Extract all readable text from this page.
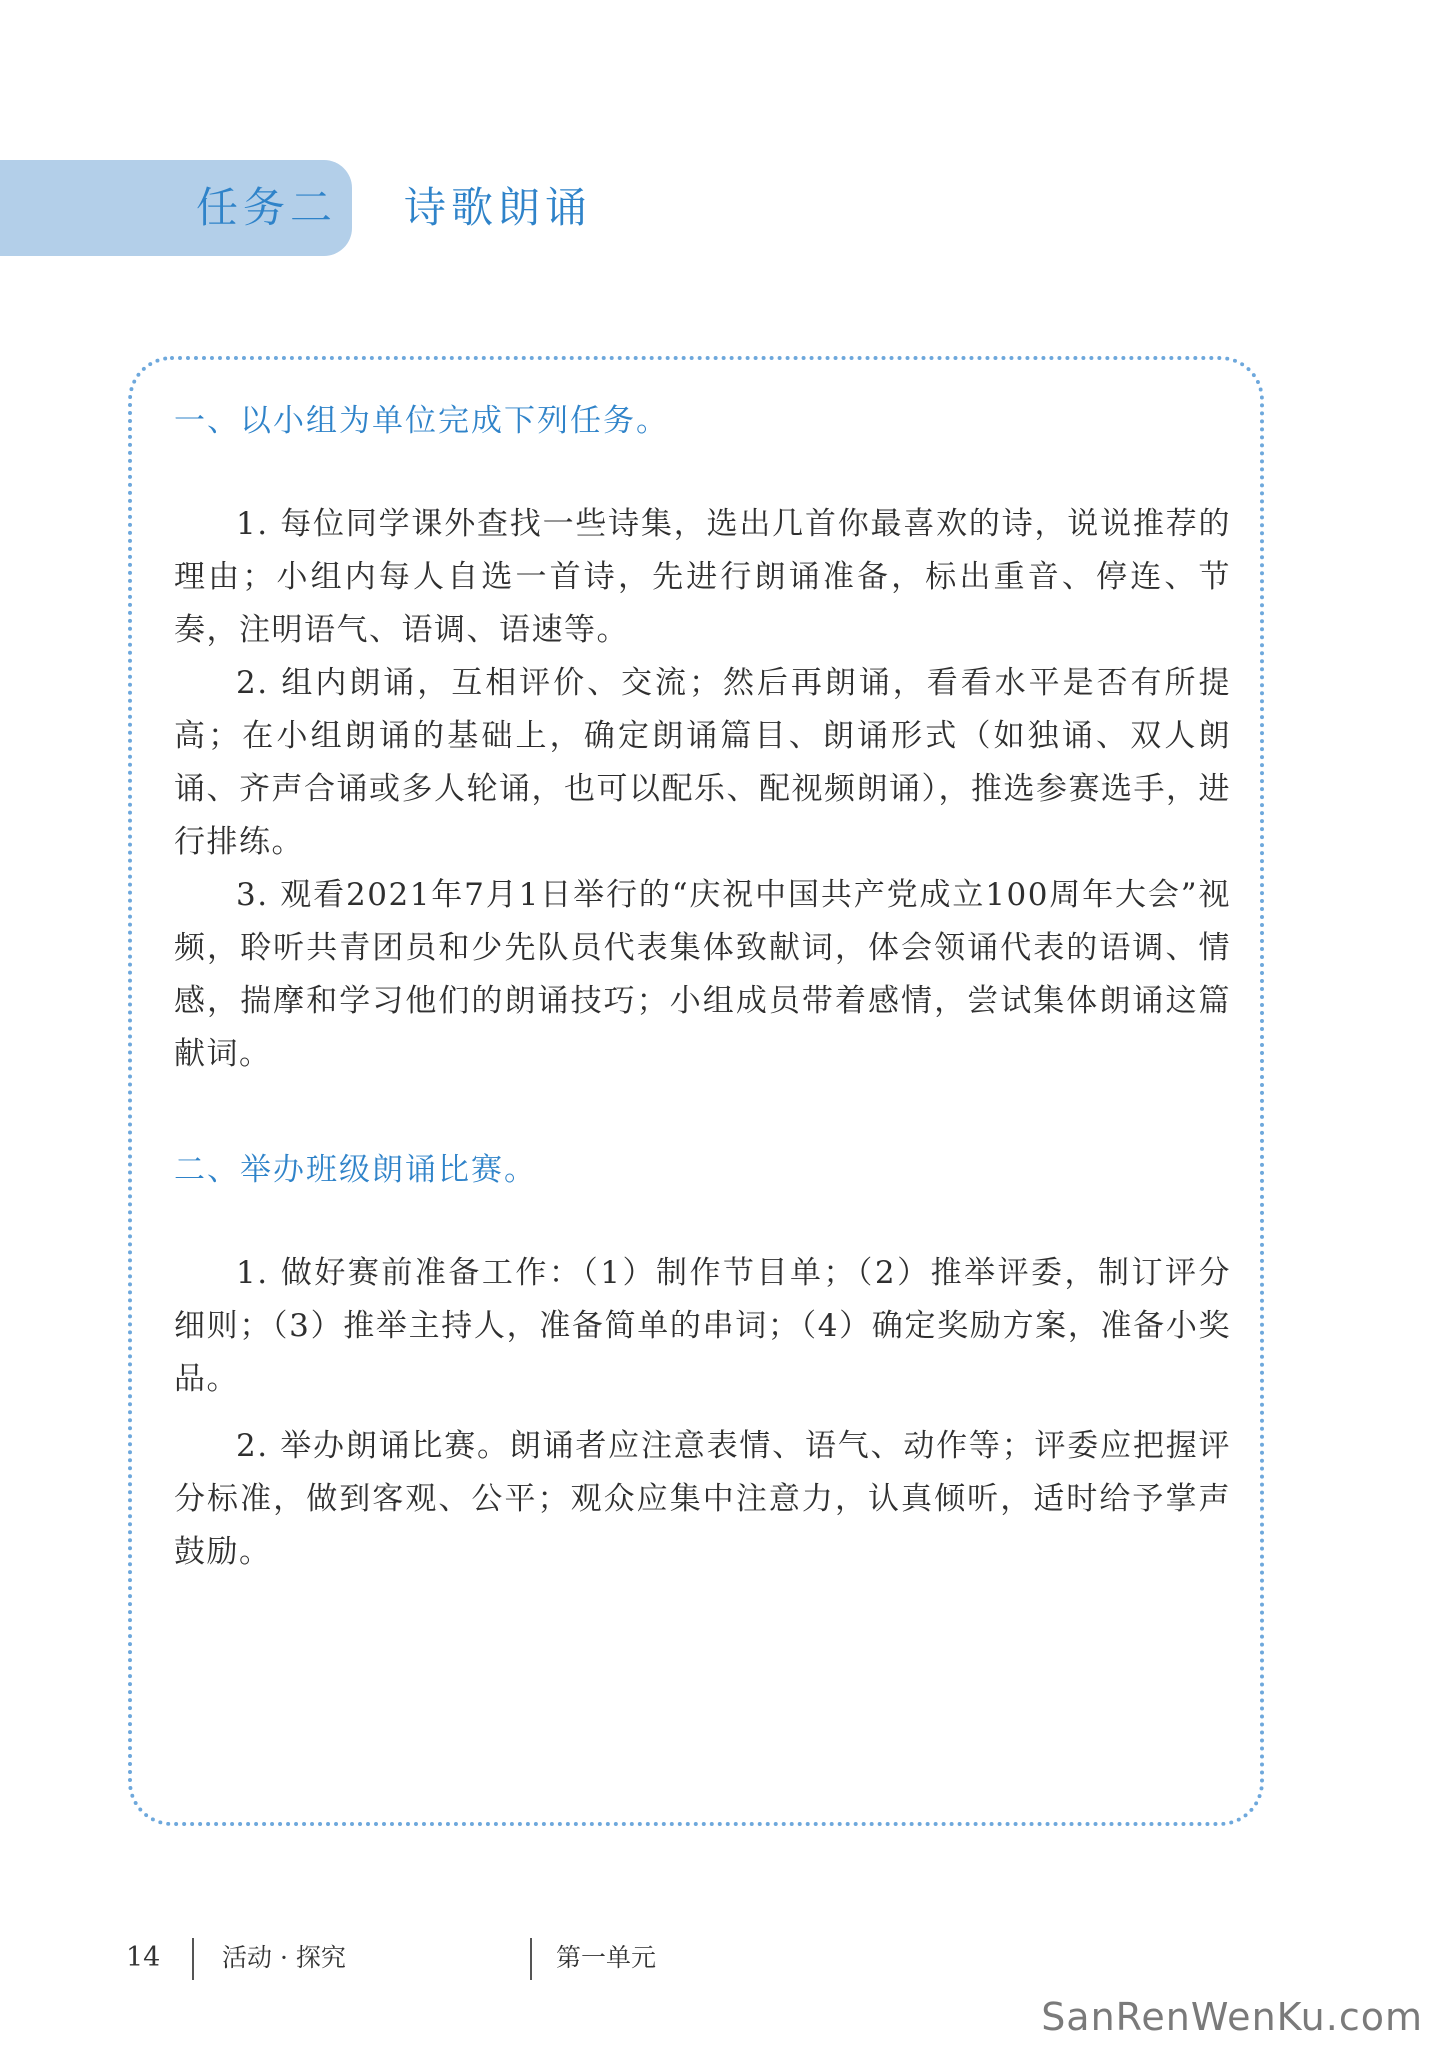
任务二 诗歌朗诵
一、以小组为单位完成下列任务。

1. 每位同学课外查找一些诗集，选出几首你最喜欢的诗，说说推荐的理由；小组内每人自选一首诗，先进行朗诵准备，标出重音、停连、节奏，注明语气、语调、语速等。

2. 组内朗诵，互相评价、交流；然后再朗诵，看看水平是否有所提高；在小组朗诵的基础上，确定朗诵篇目、朗诵形式（如独诵、双人朗诵、齐声合诵或多人轮诵，也可以配乐、配视频朗诵），推选参赛选手，进行排练。

3. 观看2021年7月1日举行的“庆祝中国共产党成立100周年大会”视频，聆听共青团员和少先队员代表集体致献词，体会领诵代表的语调、情感，揣摩和学习他们的朗诵技巧；小组成员带着感情，尝试集体朗诵这篇献词。

二、举办班级朗诵比赛。

1. 做好赛前准备工作：（1）制作节目单；（2）推举评委，制订评分细则；（3）推举主持人，准备简单的串词；（4）确定奖励方案，准备小奖品。

2. 举办朗诵比赛。朗诵者应注意表情、语气、动作等；评委应把握评分标准，做到客观、公平；观众应集中注意力，认真倾听，适时给予掌声鼓励。

14 活动 · 探究	第一单元
SanRenWenKu.com
